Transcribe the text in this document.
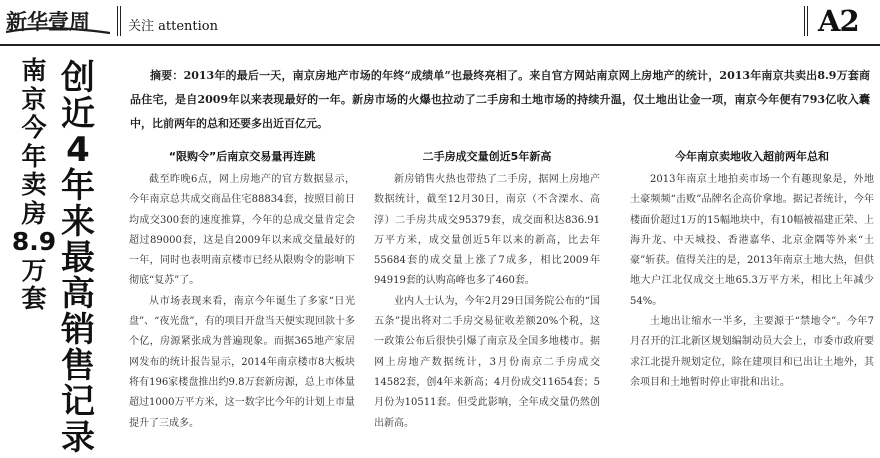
新华壹周	关注 attention	A2
南
京
今
年
卖
房
8.9
万
套
创
近
4
年
来
最
高
销
售
记
录
摘要：2013年的最后一天，南京房地产市场的年终“成绩单”也最终亮相了。来自官方网站南京网上房地产的统计，2013年南京共卖出8.9万套商品住宅，是自2009年以来表现最好的一年。新房市场的火爆也拉动了二手房和土地市场的持续升温，仅土地出让金一项，南京今年便有793亿收入囊中，比前两年的总和还要多出近百亿元。
“限购令”后南京交易量再连跳

截至昨晚6点，网上房地产的官方数据显示，今年南京总共成交商品住宅88834套，按照目前日均成交300套的速度推算，今年的总成交量肯定会超过89000套，这是自2009年以来成交量最好的一年，同时也表明南京楼市已经从限购令的影响下彻底“复苏”了。

从市场表现来看，南京今年诞生了多家“日光盘”、“夜光盘”，有的项目开盘当天便实现回款十多个亿，房源紧张成为普遍现象。而据365地产家居网发布的统计报告显示，2014年南京楼市8大板块将有196家楼盘推出约9.8万套新房源，总上市体量超过1000万平方米，这一数字比今年的计划上市量提升了三成多。

二手房成交量创近5年新高

新房销售火热也带热了二手房，据网上房地产数据统计，截至12月30日，南京（不含溧水、高淳）二手房共成交95379套，成交面积达836.91万平方米，成交量创近5年以来的新高，比去年55684套的成交量上涨了7成多，相比2009年94919套的认购高峰也多了460套。

业内人士认为，今年2月29日国务院公布的“国五条”提出将对二手房交易征收差额20%个税，这一政策公布后很快引爆了南京及全国多地楼市。据网上房地产数据统计，3月份南京二手房成交14582套，创4年来新高；4月份成交11654套；5月份为10511套。但受此影响，全年成交量仍然创出新高。

今年南京卖地收入超前两年总和

2013年南京土地拍卖市场一个有趣现象是，外地土豪频频“击败”品牌名企高价拿地。据记者统计，今年楼面价超过1万的15幅地块中，有10幅被福建正荣、上海升龙、中天城投、香港嘉华、北京金隅等外来“土豪”斩获。值得关注的是，2013年南京土地大热，但供地大户江北仅成交土地65.3万平方米，相比上年减少54%。

土地出让缩水一半多，主要源于“禁地令”。今年7月召开的江北新区规划编制动员大会上，市委市政府要求江北提升规划定位，除在建项目和已出让土地外，其余项目和土地暂时停止审批和出让。
